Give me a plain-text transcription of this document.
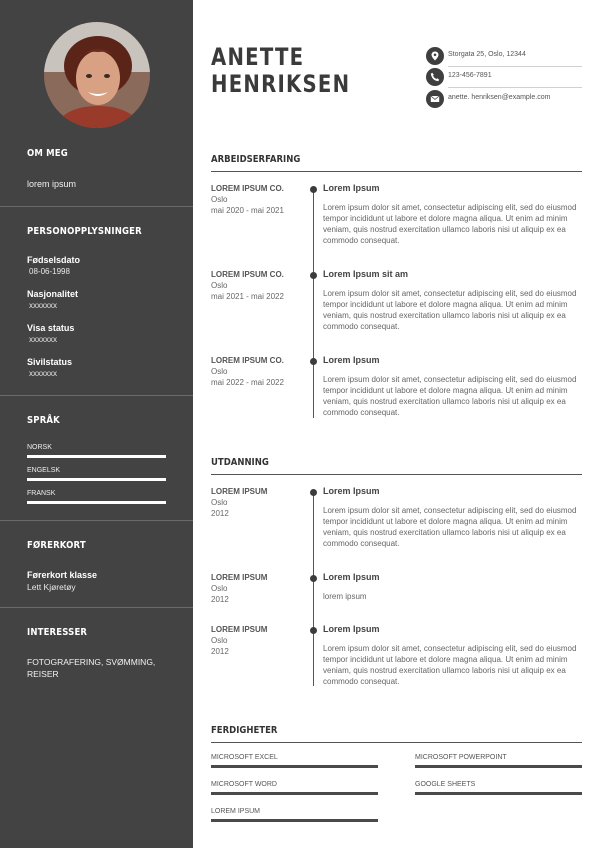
OM MEG
lorem ipsum
PERSONOPPLYSNINGER
Fødselsdato
08-06-1998
Nasjonalitet
xxxxxxx
Visa status
xxxxxxx
Sivilstatus
xxxxxxx
SPRÅK
NORSK
ENGELSK
FRANSK
FØRERKORT
Førerkort klasse
Lett Kjøretøy
INTERESSER
FOTOGRAFERING, SVØMMING, REISER
ANETTE
HENRIKSEN
Storgata 25, Oslo, 12344
123-456-7891
anette. henriksen@example.com
ARBEIDSERFARING
LOREM IPSUM CO.
Oslo
mai 2020 - mai 2021
Lorem Ipsum
Lorem ipsum dolor sit amet, consectetur adipiscing elit, sed do eiusmod tempor incididunt ut labore et dolore magna aliqua. Ut enim ad minim veniam, quis nostrud exercitation ullamco laboris nisi ut aliquip ex ea commodo consequat.
LOREM IPSUM CO.
Oslo
mai 2021 - mai 2022
Lorem Ipsum sit am
Lorem ipsum dolor sit amet, consectetur adipiscing elit, sed do eiusmod tempor incididunt ut labore et dolore magna aliqua. Ut enim ad minim veniam, quis nostrud exercitation ullamco laboris nisi ut aliquip ex ea commodo consequat.
LOREM IPSUM CO.
Oslo
mai 2022 - mai 2022
Lorem Ipsum
Lorem ipsum dolor sit amet, consectetur adipiscing elit, sed do eiusmod tempor incididunt ut labore et dolore magna aliqua. Ut enim ad minim veniam, quis nostrud exercitation ullamco laboris nisi ut aliquip ex ea commodo consequat.
UTDANNING
LOREM IPSUM
Oslo
2012
Lorem Ipsum
Lorem ipsum dolor sit amet, consectetur adipiscing elit, sed do eiusmod tempor incididunt ut labore et dolore magna aliqua. Ut enim ad minim veniam, quis nostrud exercitation ullamco laboris nisi ut aliquip ex ea commodo consequat.
LOREM IPSUM
Oslo
2012
Lorem Ipsum
lorem ipsum
LOREM IPSUM
Oslo
2012
Lorem Ipsum
Lorem ipsum dolor sit amet, consectetur adipiscing elit, sed do eiusmod tempor incididunt ut labore et dolore magna aliqua. Ut enim ad minim veniam, quis nostrud exercitation ullamco laboris nisi ut aliquip ex ea commodo consequat.
FERDIGHETER
MICROSOFT EXCEL	MICROSOFT POWERPOINT
MICROSOFT WORD	GOOGLE SHEETS
LOREM IPSUM
